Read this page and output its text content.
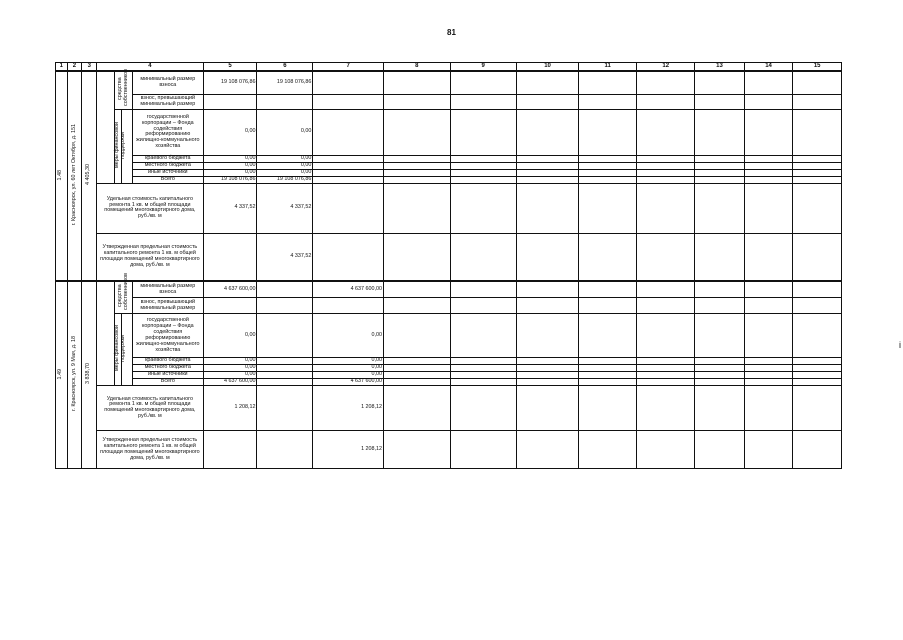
81
i
1	2	3	4				5	6	7	8	9	10	11	12	13	14	15
1.48	г. Красноярск, ул. 60 лет Октября, д. 151	4 405,30		средства собственников		минимальный размер взноса	19 108 076,86	19 108 076,86									
						взнос, превышающий минимальный размер											
				меры финансовой поддержки		государственной корпорации – Фонда содействия реформированию жилищно-коммунального хозяйства	0,00	0,00									
						краевого бюджета	0,00	0,00									
						местного бюджета	0,00	0,00									
						иные источники	0,00	0,00									
						Всего	19 108 076,86	19 108 076,86									
			Удельная стоимость капитального ремонта 1 кв. м общей площади помещений многоквартирного дома, руб./кв. м				4 337,52	4 337,52									
			Утвержденная предельная стоимость капитального ремонта 1 кв. м общей площади помещений многоквартирного дома, руб./кв. м					4 337,52									
1.49	г. Красноярск, ул. 9 Мая, д. 18	3 838,70		средства собственников		минимальный размер взноса	4 637 600,00		4 637 600,00								
						взнос, превышающий минимальный размер											
				меры финансовой поддержки		государственной корпорации – Фонда содействия реформированию жилищно-коммунального хозяйства	0,00		0,00								
						краевого бюджета	0,00		0,00								
						местного бюджета	0,00		0,00								
						иные источники	0,00		0,00								
						Всего	4 637 600,00		4 637 600,00								
			Удельная стоимость капитального ремонта 1 кв. м общей площади помещений многоквартирного дома, руб./кв. м				1 208,12		1 208,12								
			Утвержденная предельная стоимость капитального ремонта 1 кв. м общей площади помещений многоквартирного дома, руб./кв. м						1 208,12								
